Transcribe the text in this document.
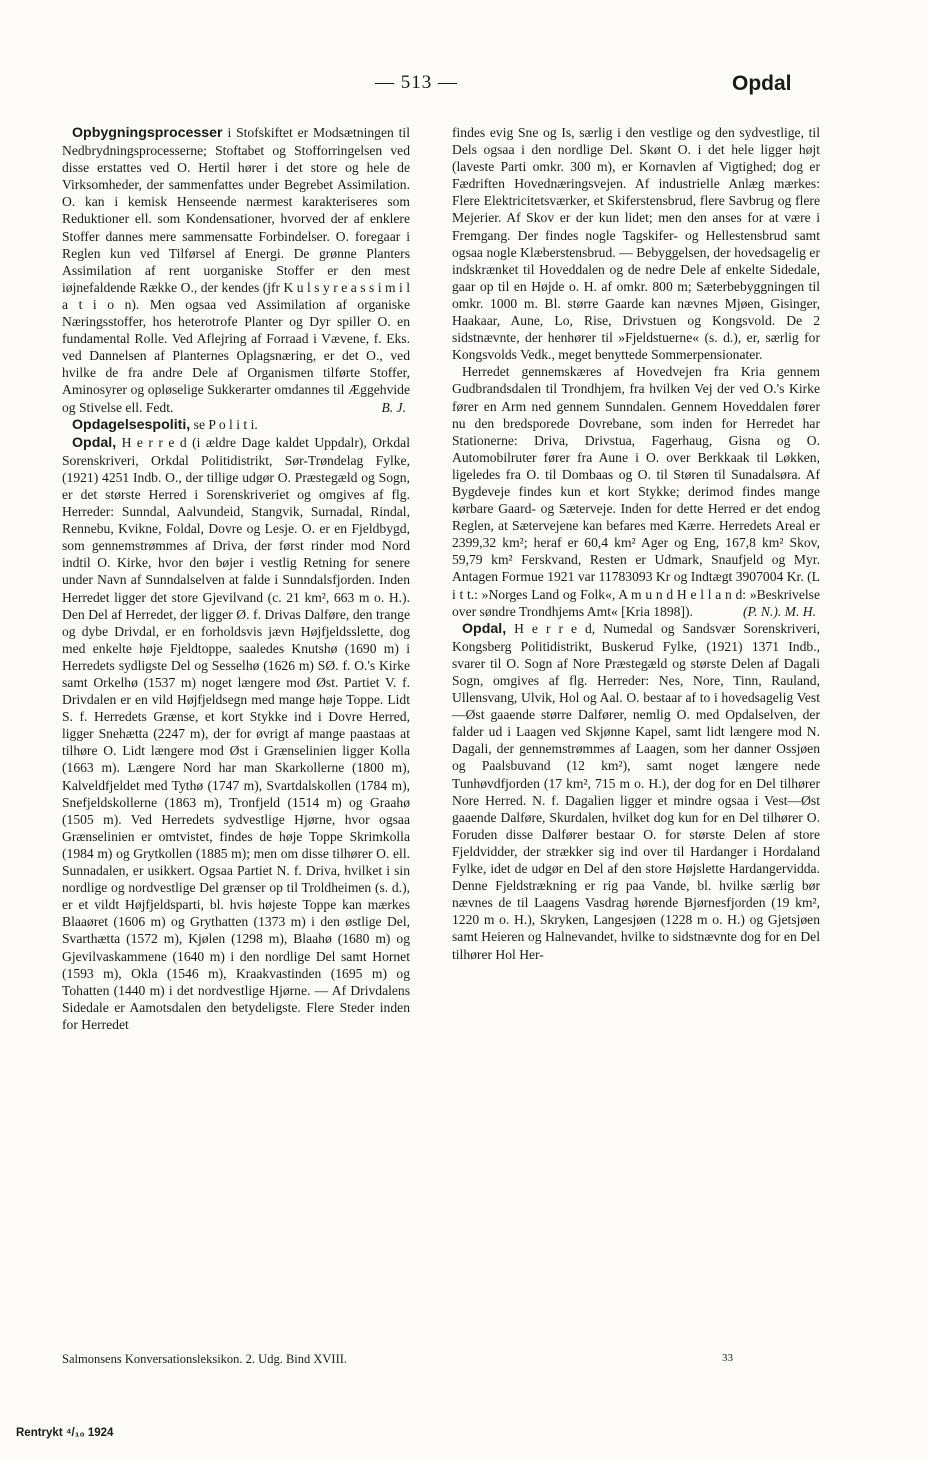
— 513 —	Opdal

Opbygningsprocesser i Stofskiftet er Modsætningen til Nedbrydningsprocesserne; Stoftabet og Stofforringelsen ved disse erstattes ved O. Hertil hører i det store og hele de Virksomheder, der sammenfattes under Begrebet Assimilation. O. kan i kemisk Henseende nærmest karakteriseres som Reduktioner ell. som Kondensationer, hvorved der af enklere Stoffer dannes mere sammensatte Forbindelser. O. foregaar i Reglen kun ved Tilførsel af Energi. De grønne Planters Assimilation af rent uorganiske Stoffer er den mest iøjnefaldende Række O., der kendes (jfr K u l s y r e a s s i m i l a t i o n). Men ogsaa ved Assimilation af organiske Næringsstoffer, hos heterotrofe Planter og Dyr spiller O. en fundamental Rolle. Ved Aflejring af Forraad i Vævene, f. Eks. ved Dannelsen af Planternes Oplagsnæring, er det O., ved hvilke de fra andre Dele af Organismen tilførte Stoffer, Aminosyrer og opløselige Sukkerarter omdannes til Æggehvide og Stivelse ell. Fedt.	B. J.

Opdagelsespoliti, se P o l i t i.

Opdal, H e r r e d (i ældre Dage kaldet Uppdalr), Orkdal Sorenskriveri, Orkdal Politidistrikt, Sør-Trøndelag Fylke, (1921) 4251 Indb. O., der tillige udgør O. Præstegæld og Sogn, er det største Herred i Sorenskriveriet og omgives af flg. Herreder: Sunndal, Aalvundeid, Stangvik, Surnadal, Rindal, Rennebu, Kvikne, Foldal, Dovre og Lesje. O. er en Fjeldbygd, som gennemstrømmes af Driva, der først rinder mod Nord indtil O. Kirke, hvor den bøjer i vestlig Retning for senere under Navn af Sunndalselven at falde i Sunndalsfjorden. Inden Herredet ligger det store Gjevilvand (c. 21 km², 663 m o. H.). Den Del af Herredet, der ligger Ø. f. Drivas Dalføre, den trange og dybe Drivdal, er en forholdsvis jævn Højfjeldsslette, dog med enkelte høje Fjeldtoppe, saaledes Knutshø (1690 m) i Herredets sydligste Del og Sesselhø (1626 m) SØ. f. O.'s Kirke samt Orkelhø (1537 m) noget længere mod Øst. Partiet V. f. Drivdalen er en vild Højfjeldsegn med mange høje Toppe. Lidt S. f. Herredets Grænse, et kort Stykke ind i Dovre Herred, ligger Snehætta (2247 m), der for øvrigt af mange paastaas at tilhøre O. Lidt længere mod Øst i Grænselinien ligger Kolla (1663 m). Længere Nord har man Skarkollerne (1800 m), Kalveldfjeldet med Tythø (1747 m), Svartdalskollen (1784 m), Snefjeldskollerne (1863 m), Tronfjeld (1514 m) og Graahø (1505 m). Ved Herredets sydvestlige Hjørne, hvor ogsaa Grænselinien er omtvistet, findes de høje Toppe Skrimkolla (1984 m) og Grytkollen (1885 m); men om disse tilhører O. ell. Sunnadalen, er usikkert. Ogsaa Partiet N. f. Driva, hvilket i sin nordlige og nordvestlige Del grænser op til Troldheimen (s. d.), er et vildt Højfjeldsparti, bl. hvis højeste Toppe kan mærkes Blaaøret (1606 m) og Grythatten (1373 m) i den østlige Del, Svarthætta (1572 m), Kjølen (1298 m), Blaahø (1680 m) og Gjevilvaskammene (1640 m) i den nordlige Del samt Hornet (1593 m), Okla (1546 m), Kraakvastinden (1695 m) og Tohatten (1440 m) i det nordvestlige Hjørne. — Af Drivdalens Sidedale er Aamotsdalen den betydeligste. Flere Steder inden for Herredet

findes evig Sne og Is, særlig i den vestlige og den sydvestlige, til Dels ogsaa i den nordlige Del. Skønt O. i det hele ligger højt (laveste Parti omkr. 300 m), er Kornavlen af Vigtighed; dog er Fædriften Hovednæringsvejen. Af industrielle Anlæg mærkes: Flere Elektricitetsværker, et Skiferstensbrud, flere Savbrug og flere Mejerier. Af Skov er der kun lidet; men den anses for at være i Fremgang. Der findes nogle Tagskifer- og Hellestensbrud samt ogsaa nogle Klæberstensbrud. — Bebyggelsen, der hovedsagelig er indskrænket til Hoveddalen og de nedre Dele af enkelte Sidedale, gaar op til en Højde o. H. af omkr. 800 m; Sæterbebyggningen til omkr. 1000 m. Bl. større Gaarde kan nævnes Mjøen, Gisinger, Haakaar, Aune, Lo, Rise, Drivstuen og Kongsvold. De 2 sidstnævnte, der henhører til »Fjeldstuerne« (s. d.), er, særlig for Kongsvolds Vedk., meget benyttede Sommerpensionater.

Herredet gennemskæres af Hovedvejen fra Kria gennem Gudbrandsdalen til Trondhjem, fra hvilken Vej der ved O.'s Kirke fører en Arm ned gennem Sunndalen. Gennem Hoveddalen fører nu den bredsporede Dovrebane, som inden for Herredet har Stationerne: Driva, Drivstua, Fagerhaug, Gisna og O. Automobilruter fører fra Aune i O. over Berkkaak til Løkken, ligeledes fra O. til Dombaas og O. til Støren til Sunadalsøra. Af Bygdeveje findes kun et kort Stykke; derimod findes mange kørbare Gaard- og Sæterveje. Inden for dette Herred er det endog Reglen, at Sætervejene kan befares med Kærre. Herredets Areal er 2399,32 km²; heraf er 60,4 km² Ager og Eng, 167,8 km² Skov, 59,79 km² Ferskvand, Resten er Udmark, Snaufjeld og Myr. Antagen Formue 1921 var 11783093 Kr og Indtægt 3907004 Kr. (L i t t.: »Norges Land og Folk«, A m u n d H e l l a n d: »Beskrivelse over søndre Trondhjems Amt« [Kria 1898]).	(P. N.). M. H.

Opdal, H e r r e d, Numedal og Sandsvær Sorenskriveri, Kongsberg Politidistrikt, Buskerud Fylke, (1921) 1371 Indb., svarer til O. Sogn af Nore Præstegæld og største Delen af Dagali Sogn, omgives af flg. Herreder: Nes, Nore, Tinn, Rauland, Ullensvang, Ulvik, Hol og Aal. O. bestaar af to i hovedsagelig Vest—Øst gaaende større Dalfører, nemlig O. med Opdalselven, der falder ud i Laagen ved Skjønne Kapel, samt lidt længere mod N. Dagali, der gennemstrømmes af Laagen, som her danner Ossjøen og Paalsbuvand (12 km²), samt noget længere nede Tunhøvdfjorden (17 km², 715 m o. H.), der dog for en Del tilhører Nore Herred. N. f. Dagalien ligger et mindre ogsaa i Vest—Øst gaaende Dalføre, Skurdalen, hvilket dog kun for en Del tilhører O. Foruden disse Dalfører bestaar O. for største Delen af store Fjeldvidder, der strækker sig ind over til Hardanger i Hordaland Fylke, idet de udgør en Del af den store Højslette Hardangervidda. Denne Fjeldstrækning er rig paa Vande, bl. hvilke særlig bør nævnes de til Laagens Vasdrag hørende Bjørnesfjorden (19 km², 1220 m o. H.), Skryken, Langesjøen (1228 m o. H.) og Gjetsjøen samt Heieren og Halnevandet, hvilke to sidstnævnte dog for en Del tilhører Hol Her-

Salmonsens Konversationsleksikon. 2. Udg. Bind XVIII.	33
Rentrykt ⁴/₁₀ 1924
